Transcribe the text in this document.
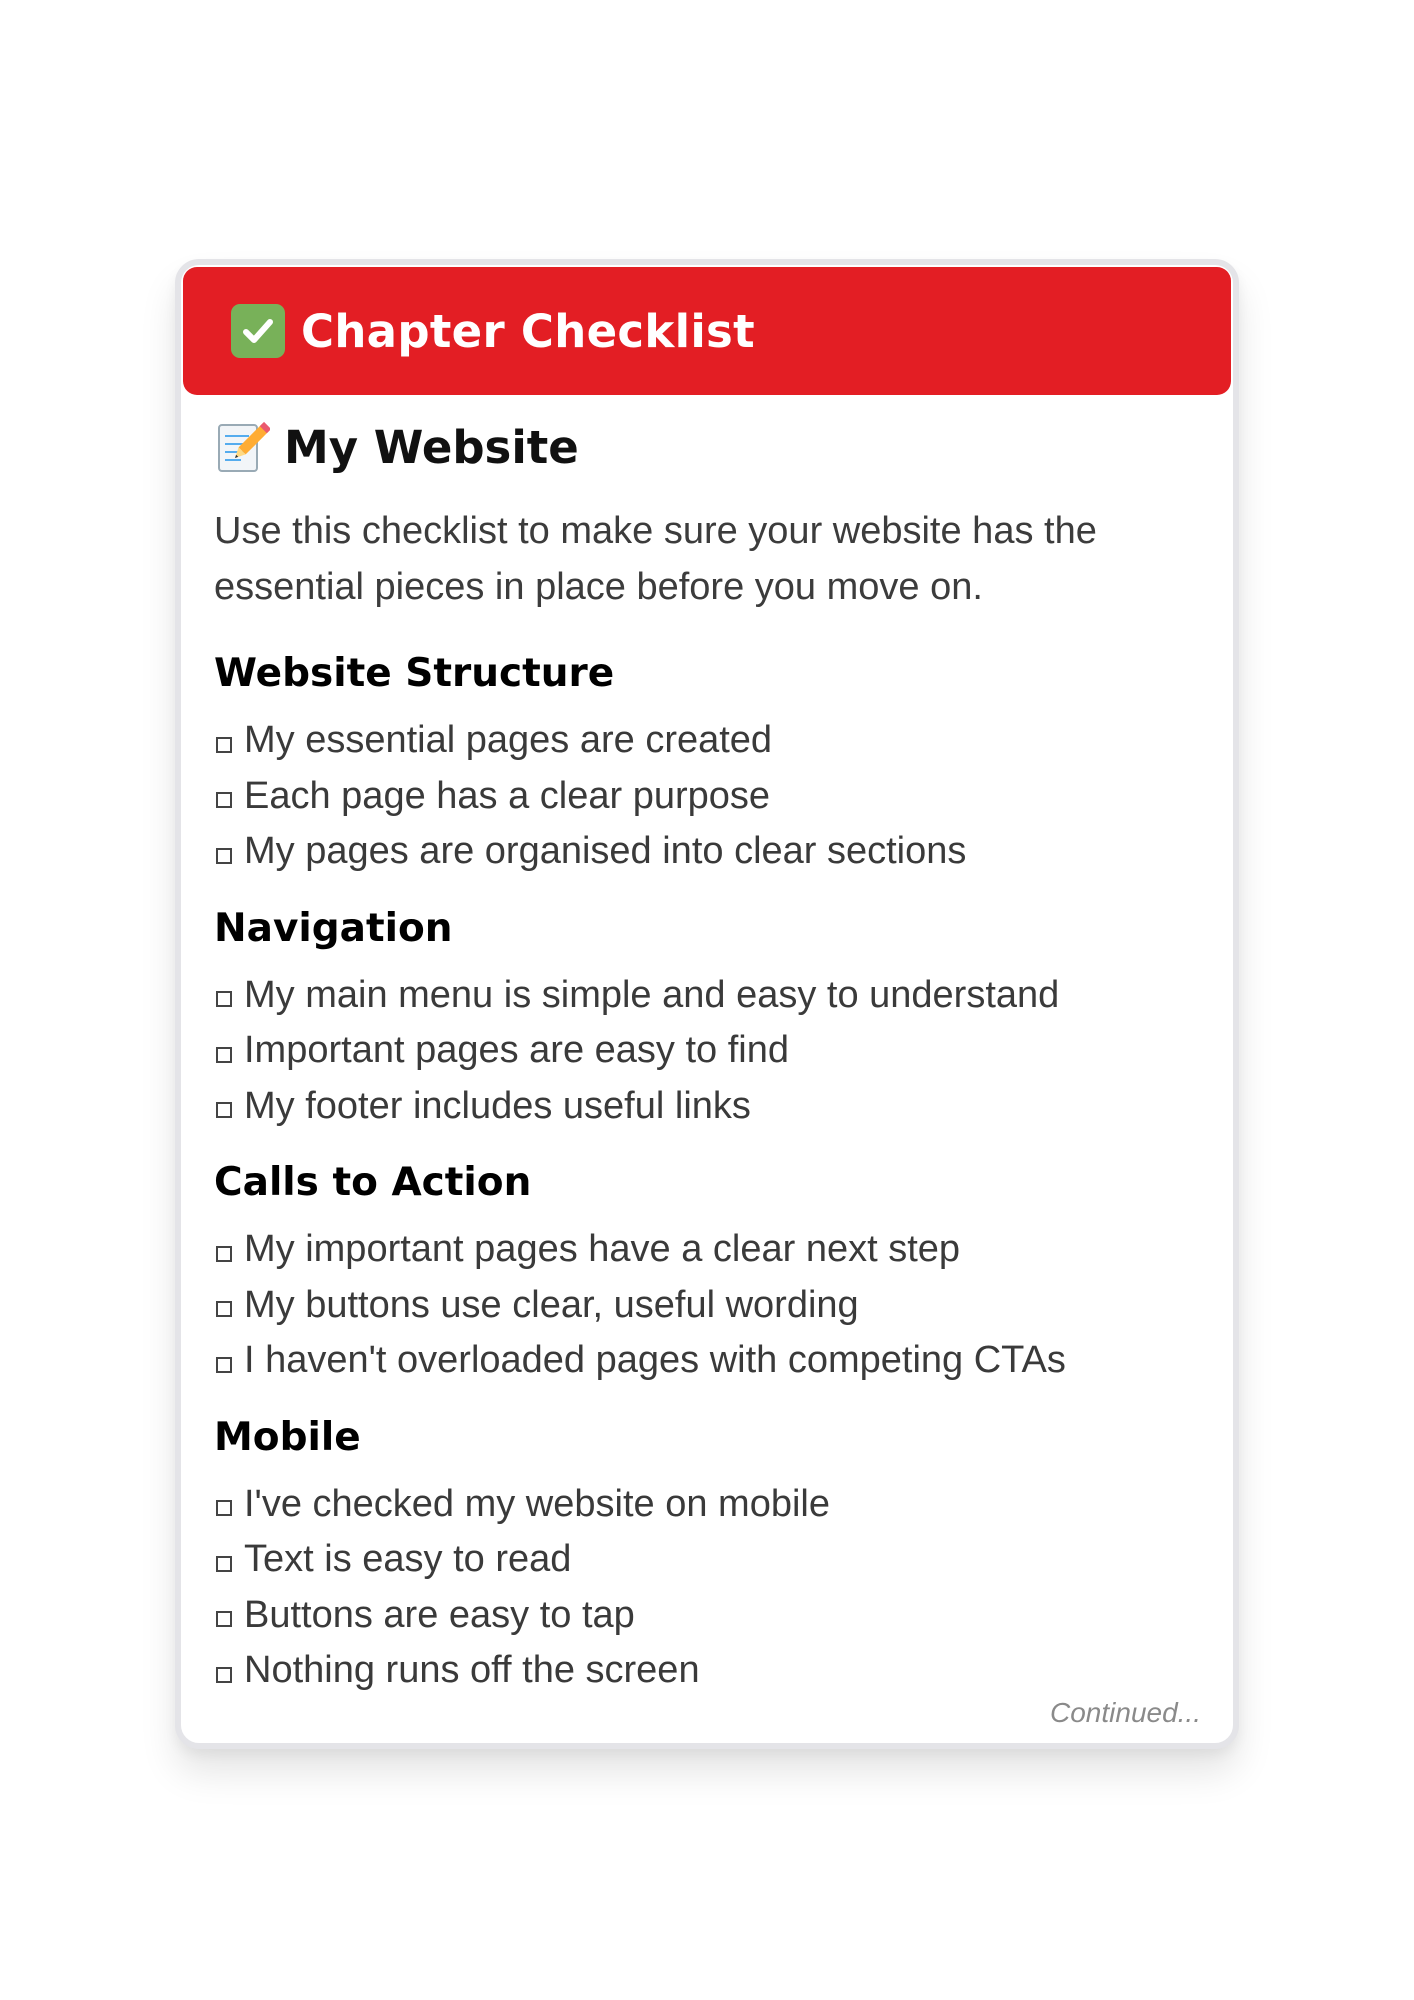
Chapter Checklist
My Website
Use this checklist to make sure your website has the essential pieces in place before you move on.
Website Structure
My essential pages are created
Each page has a clear purpose
My pages are organised into clear sections
Navigation
My main menu is simple and easy to understand
Important pages are easy to find
My footer includes useful links
Calls to Action
My important pages have a clear next step
My buttons use clear, useful wording
I haven't overloaded pages with competing CTAs
Mobile
I've checked my website on mobile
Text is easy to read
Buttons are easy to tap
Nothing runs off the screen
Continued...
